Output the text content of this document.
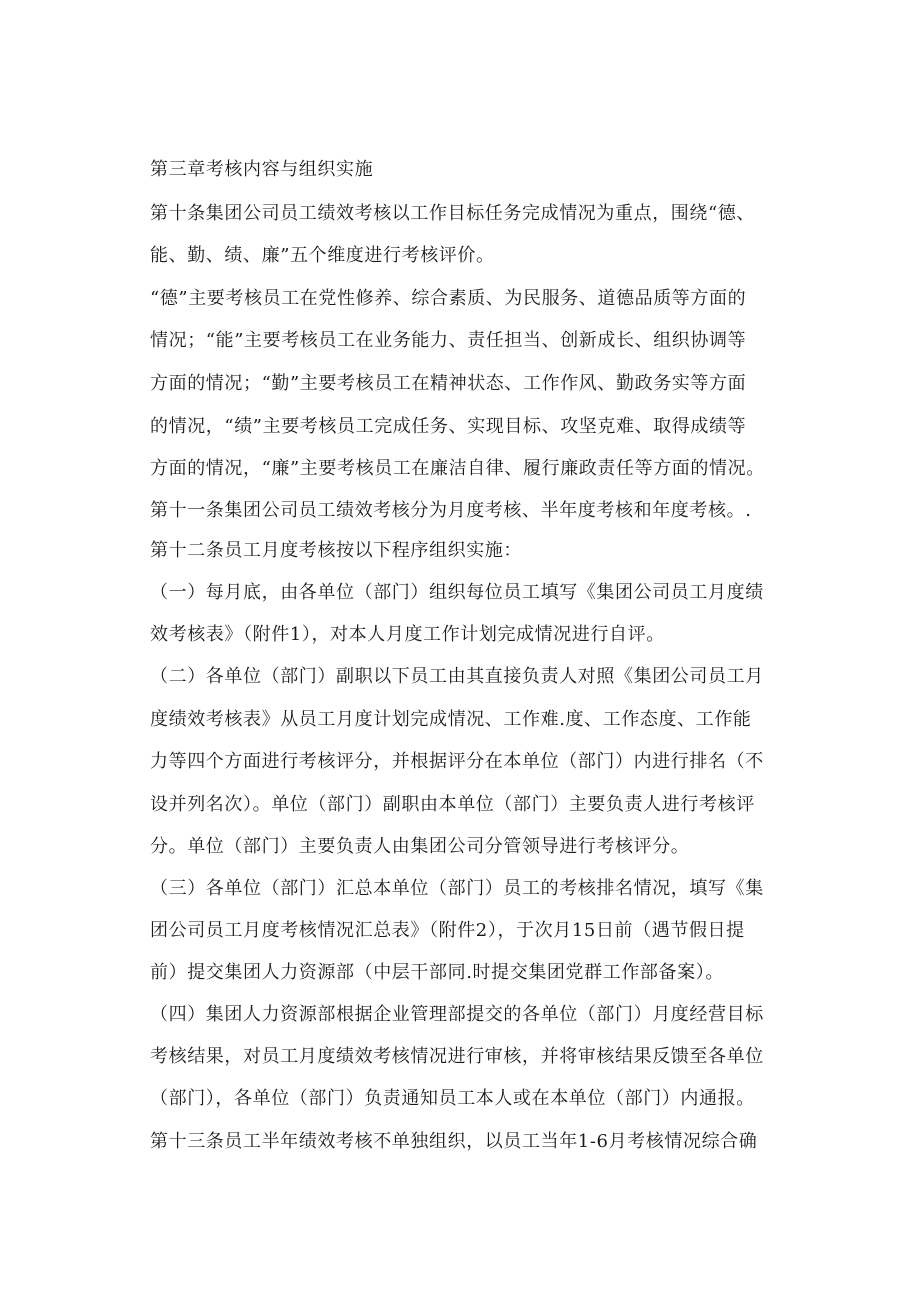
第三章考核内容与组织实施
第十条集团公司员工绩效考核以工作目标任务完成情况为重点，围绕“德、
能、勤、绩、廉”五个维度进行考核评价。
“德”主要考核员工在党性修养、综合素质、为民服务、道德品质等方面的
情况；“能”主要考核员工在业务能力、责任担当、创新成长、组织协调等
方面的情况；“勤”主要考核员工在精神状态、工作作风、勤政务实等方面
的情况，“绩”主要考核员工完成任务、实现目标、攻坚克难、取得成绩等
方面的情况，“廉”主要考核员工在廉洁自律、履行廉政责任等方面的情况。
第十一条集团公司员工绩效考核分为月度考核、半年度考核和年度考核。.
第十二条员工月度考核按以下程序组织实施：
（一）每月底，由各单位（部门）组织每位员工填写《集团公司员工月度绩
效考核表》（附件1），对本人月度工作计划完成情况进行自评。
（二）各单位（部门）副职以下员工由其直接负责人对照《集团公司员工月
度绩效考核表》从员工月度计划完成情况、工作难.度、工作态度、工作能
力等四个方面进行考核评分，并根据评分在本单位（部门）内进行排名（不
设并列名次）。单位（部门）副职由本单位（部门）主要负责人进行考核评
分。单位（部门）主要负责人由集团公司分管领导进行考核评分。
（三）各单位（部门）汇总本单位（部门）员工的考核排名情况，填写《集
团公司员工月度考核情况汇总表》（附件2），于次月15日前（遇节假日提
前）提交集团人力资源部（中层干部同.时提交集团党群工作部备案）。
（四）集团人力资源部根据企业管理部提交的各单位（部门）月度经营目标
考核结果，对员工月度绩效考核情况进行审核，并将审核结果反馈至各单位
（部门），各单位（部门）负责通知员工本人或在本单位（部门）内通报。
第十三条员工半年绩效考核不单独组织，以员工当年1-6月考核情况综合确
